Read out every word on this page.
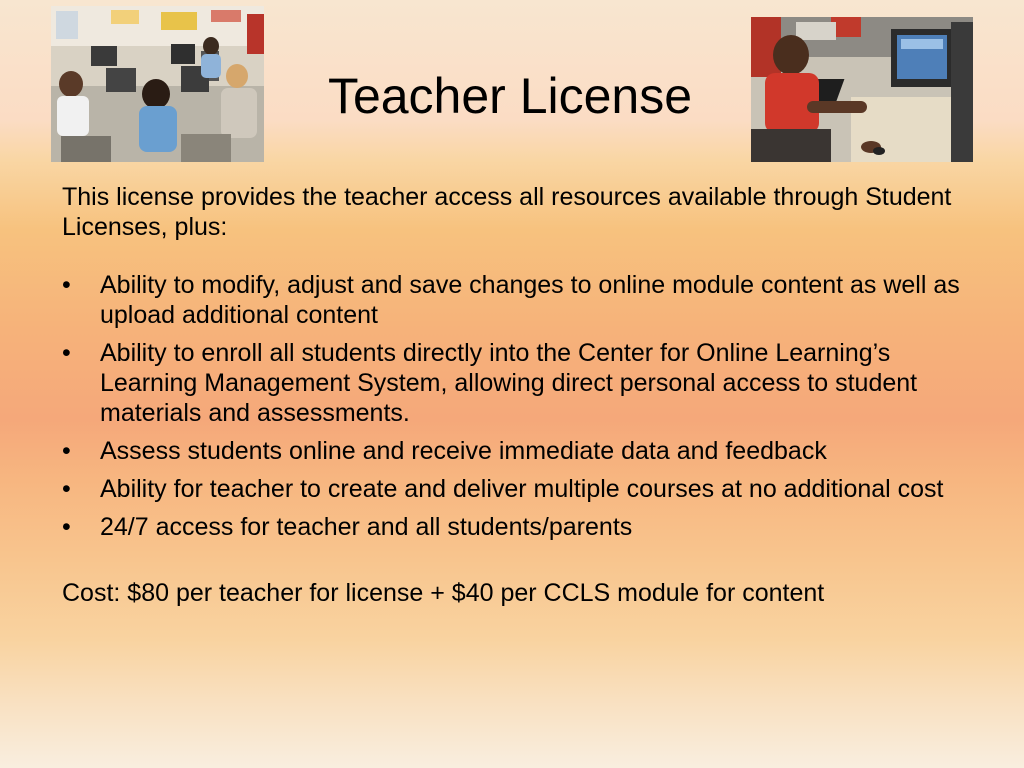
Teacher License

This license provides the teacher access all resources available through Student Licenses, plus:

• Ability to modify, adjust and save changes to online module content as well as upload additional content
• Ability to enroll all students directly into the Center for Online Learning’s Learning Management System, allowing direct personal access to student materials and assessments.
• Assess students online and receive immediate data and feedback
• Ability for teacher to create and deliver multiple courses at no additional cost
• 24/7 access for teacher and all students/parents

Cost: $80 per teacher for license + $40 per CCLS module for content
